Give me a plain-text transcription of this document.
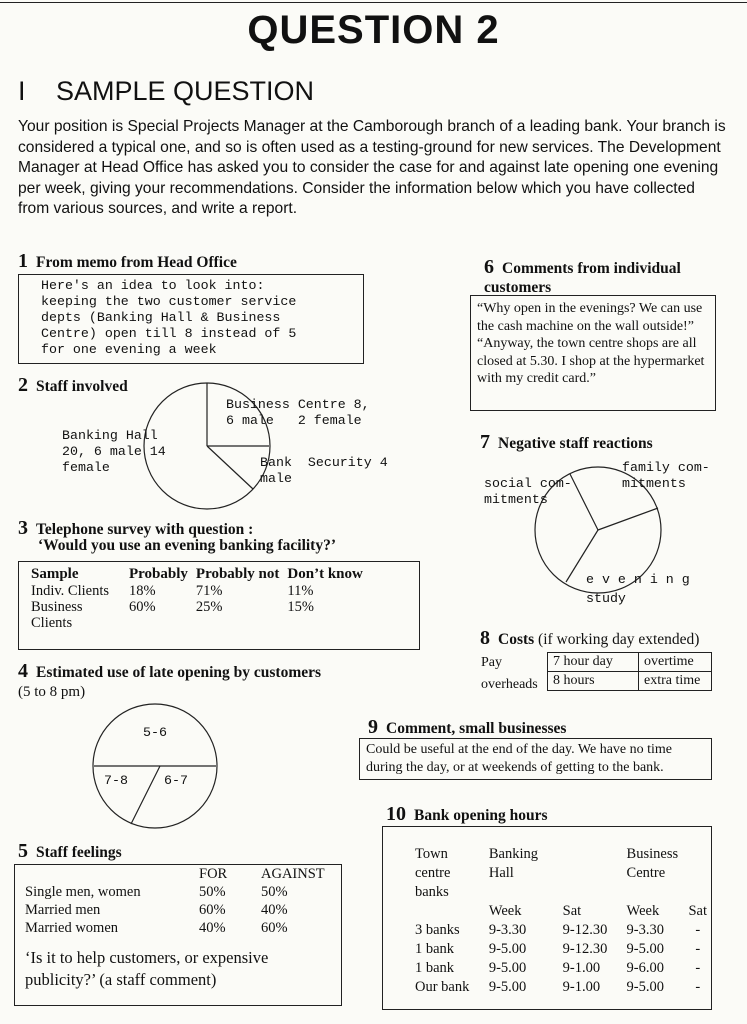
QUESTION 2
I SAMPLE QUESTION
Your position is Special Projects Manager at the Camborough branch of a leading bank. Your branch is considered a typical one, and so is often used as a testing-ground for new services. The Development Manager at Head Office has asked you to consider the case for and against late opening one evening per week, giving your recommendations. Consider the information below which you have collected from various sources, and write a report.
1 From memo from Head Office
Here's an idea to look into:
keeping the two customer service
depts (Banking Hall & Business
Centre) open till 8 instead of 5
for one evening a week
2 Staff involved
Business Centre 8,
6 male   2 female
Banking Hall
20, 6 male 14
female	Bank  Security 4
male
3 Telephone survey with question :
‘Would you use an evening banking facility?’
Sample	Probably	Probably not	Don’t know
Indiv. Clients	18%	71%	11%
Business
Clients	60%	25%	15%
4 Estimated use of late opening by customers
(5 to 8 pm)
5-6
7-8	6-7
5 Staff feelings
	FOR	AGAINST
Single men, women	50%	50%
Married men	60%	40%
Married women	40%	60%
‘Is it to help customers, or expensive publicity?’ (a staff comment)
6 Comments from individual customers
“Why open in the evenings? We can use the cash machine on the wall outside!”
“Anyway, the town centre shops are all closed at 5.30. I shop at the hypermarket with my credit card.”
7 Negative staff reactions
family com-
mitments
social com-
mitments
e v e n i n g
study
8 Costs (if working day extended)
Pay
overheads
7 hour day	overtime
8 hours	extra time
9 Comment, small businesses
Could be useful at the end of the day. We have no time during the day, or at weekends of getting to the bank.
10 Bank opening hours
Town
centre
banks	Banking
Hall		Business
Centre	
	Week	Sat	Week	Sat
3 banks	9-3.30	9-12.30	9-3.30	-
1 bank	9-5.00	9-12.30	9-5.00	-
1 bank	9-5.00	9-1.00	9-6.00	-
Our bank	9-5.00	9-1.00	9-5.00	-
